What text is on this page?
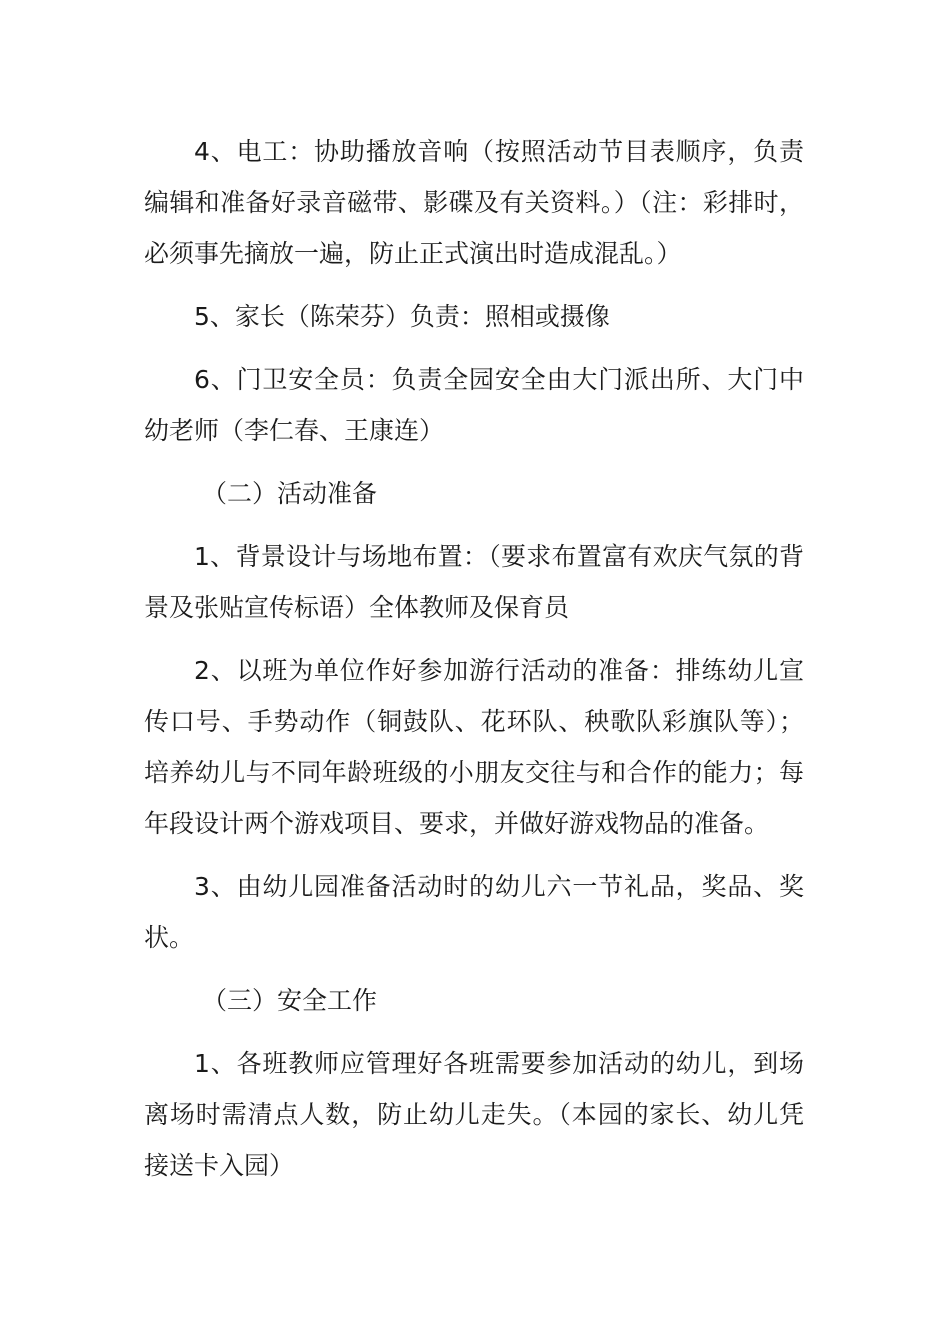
4、电工：协助播放音响（按照活动节目表顺序，负责编辑和准备好录音磁带、影碟及有关资料。）（注：彩排时，必须事先摘放一遍，防止正式演出时造成混乱。）

5、家长（陈荣芬）负责：照相或摄像

6、门卫安全员：负责全园安全由大门派出所、大门中幼老师（李仁春、王康连）

（二）活动准备

1、背景设计与场地布置：（要求布置富有欢庆气氛的背景及张贴宣传标语）全体教师及保育员

2、以班为单位作好参加游行活动的准备：排练幼儿宣传口号、手势动作（铜鼓队、花环队、秧歌队彩旗队等）；培养幼儿与不同年龄班级的小朋友交往与和合作的能力；每年段设计两个游戏项目、要求，并做好游戏物品的准备。

3、由幼儿园准备活动时的幼儿六一节礼品，奖品、奖状。

（三）安全工作

1、各班教师应管理好各班需要参加活动的幼儿，到场离场时需清点人数，防止幼儿走失。（本园的家长、幼儿凭接送卡入园）
